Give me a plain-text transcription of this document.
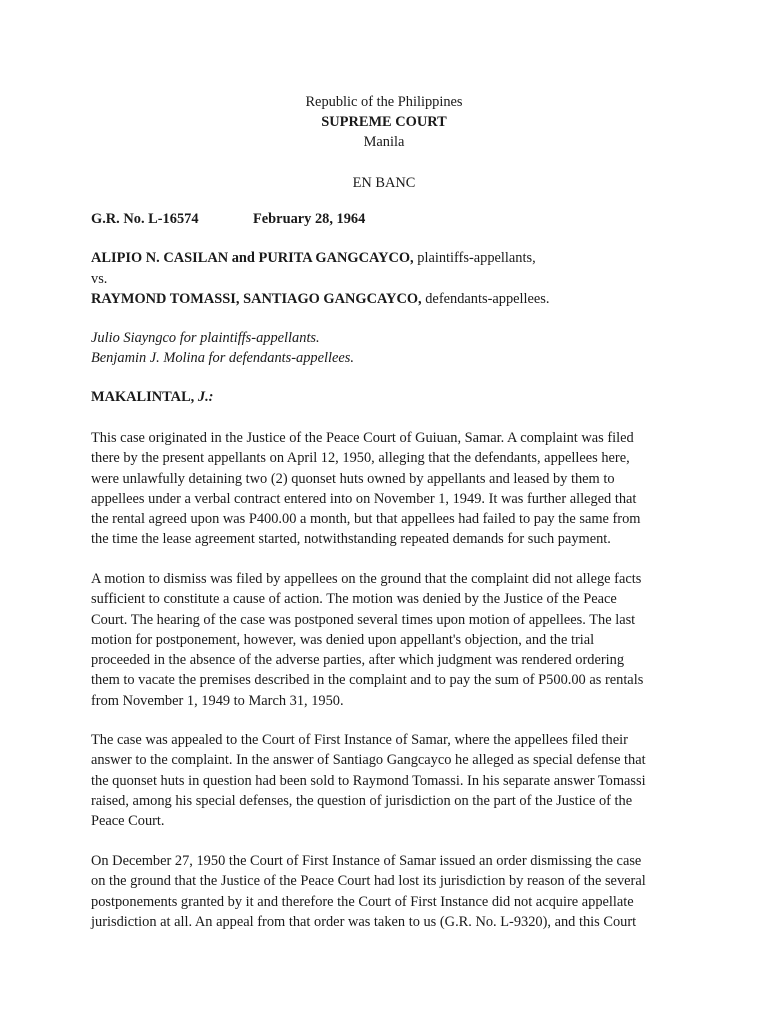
Republic of the Philippines
SUPREME COURT
Manila
EN BANC
G.R. No. L-16574	February 28, 1964
ALIPIO N. CASILAN and PURITA GANGCAYCO, plaintiffs-appellants,
vs.
RAYMOND TOMASSI, SANTIAGO GANGCAYCO, defendants-appellees.
Julio Siayngco for plaintiffs-appellants.
Benjamin J. Molina for defendants-appellees.
MAKALINTAL, J.:
This case originated in the Justice of the Peace Court of Guiuan, Samar. A complaint was filed
there by the present appellants on April 12, 1950, alleging that the defendants, appellees here,
were unlawfully detaining two (2) quonset huts owned by appellants and leased by them to
appellees under a verbal contract entered into on November 1, 1949. It was further alleged that
the rental agreed upon was P400.00 a month, but that appellees had failed to pay the same from
the time the lease agreement started, notwithstanding repeated demands for such payment.
A motion to dismiss was filed by appellees on the ground that the complaint did not allege facts
sufficient to constitute a cause of action. The motion was denied by the Justice of the Peace
Court. The hearing of the case was postponed several times upon motion of appellees. The last
motion for postponement, however, was denied upon appellant's objection, and the trial
proceeded in the absence of the adverse parties, after which judgment was rendered ordering
them to vacate the premises described in the complaint and to pay the sum of P500.00 as rentals
from November 1, 1949 to March 31, 1950.
The case was appealed to the Court of First Instance of Samar, where the appellees filed their
answer to the complaint. In the answer of Santiago Gangcayco he alleged as special defense that
the quonset huts in question had been sold to Raymond Tomassi. In his separate answer Tomassi
raised, among his special defenses, the question of jurisdiction on the part of the Justice of the
Peace Court.
On December 27, 1950 the Court of First Instance of Samar issued an order dismissing the case
on the ground that the Justice of the Peace Court had lost its jurisdiction by reason of the several
postponements granted by it and therefore the Court of First Instance did not acquire appellate
jurisdiction at all. An appeal from that order was taken to us (G.R. No. L-9320), and this Court
